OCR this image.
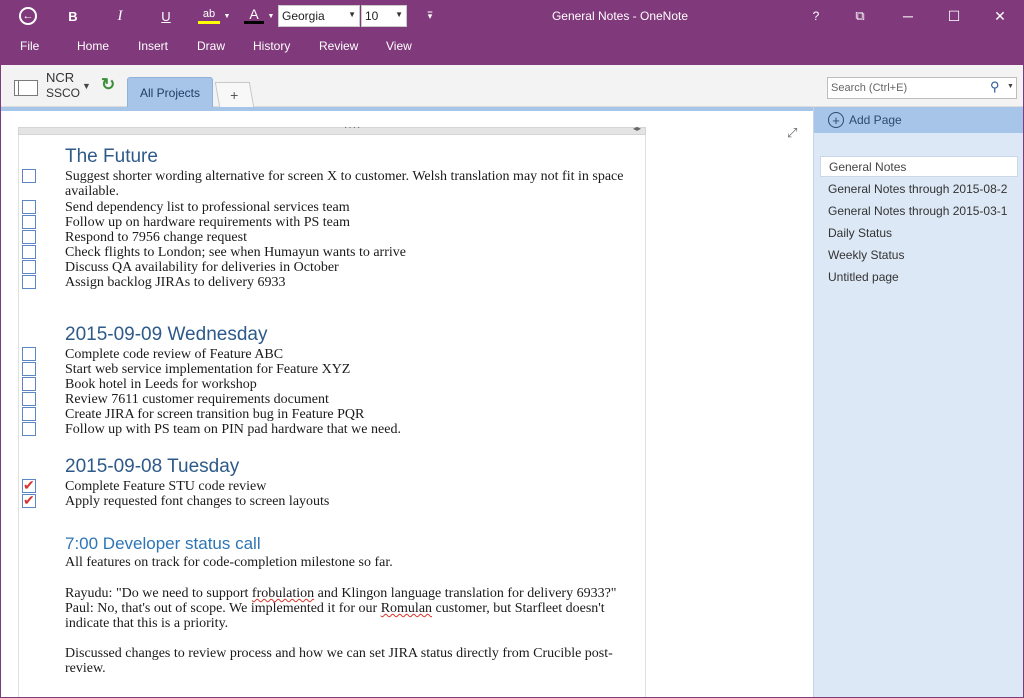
←	B	I	U	ab ▼ A ▼ Georgia	▼ 10 ▼	▾̅	General Notes - OneNote	?	⧉	─	☐	✕
File	Home Insert Draw History Review View
NCR
SSCO ▼ ↻	All Projects	+	Search (Ctrl+E)	⚲ ▼
⤢
····	◂▸
The Future
Suggest shorter wording alternative for screen X to customer. Welsh translation may not fit in space available.
Send dependency list to professional services team
Follow up on hardware requirements with PS team
Respond to 7956 change request
Check flights to London; see when Humayun wants to arrive
Discuss QA availability for deliveries in October
Assign backlog JIRAs to delivery 6933
2015-09-09 Wednesday
Complete code review of Feature ABC
Start web service implementation for Feature XYZ
Book hotel in Leeds for workshop
Review 7611 customer requirements document
Create JIRA for screen transition bug in Feature PQR
Follow up with PS team on PIN pad hardware that we need.
2015-09-08 Tuesday
✔
Complete Feature STU code review
✔
Apply requested font changes to screen layouts
7:00 Developer status call
All features on track for code-completion milestone so far.
Rayudu: "Do we need to support frobulation and Klingon language translation for delivery 6933?"
Paul: No, that's out of scope. We implemented it for our Romulan customer, but Starfleet doesn't indicate that this is a priority.
Discussed changes to review process and how we can set JIRA status directly from Crucible post-review.
+ Add Page
General Notes
General Notes through 2015-08-2
General Notes through 2015-03-1
Daily Status
Weekly Status
Untitled page
